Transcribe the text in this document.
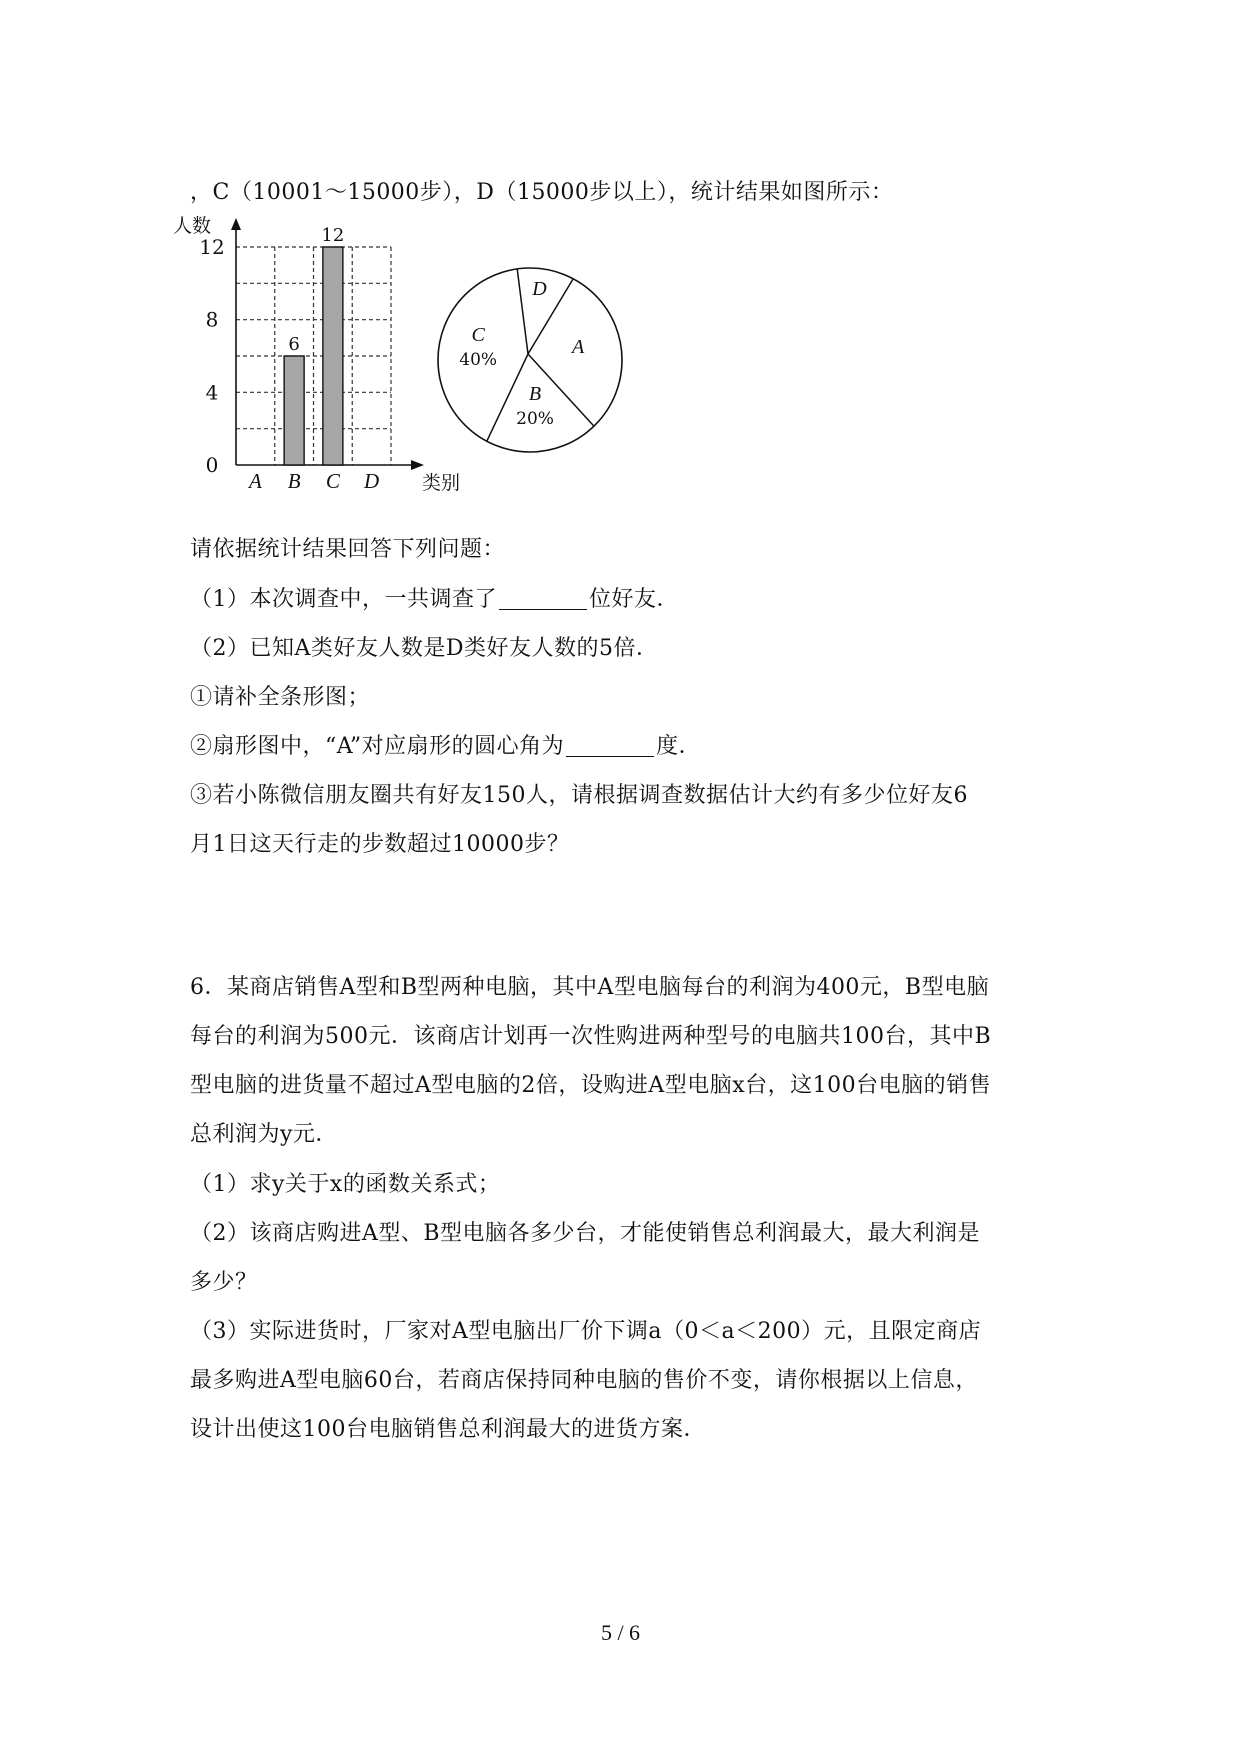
，C（10001～15000步），D（15000步以上），统计结果如图所示：
0
4
8
12
人数
类别
A B
6
C
12
D
D
C
40%
B
20%
A
请依据统计结果回答下列问题：
（1）本次调查中，一共调查了	位好友．
（2）已知A类好友人数是D类好友人数的5倍．
①请补全条形图；
②扇形图中，“A”对应扇形的圆心角为	度．
③若小陈微信朋友圈共有好友150人，请根据调查数据估计大约有多少位好友6
月1日这天行走的步数超过10000步？
6．某商店销售A型和B型两种电脑，其中A型电脑每台的利润为400元，B型电脑
每台的利润为500元．该商店计划再一次性购进两种型号的电脑共100台，其中B
型电脑的进货量不超过A型电脑的2倍，设购进A型电脑x台，这100台电脑的销售
总利润为y元．
（1）求y关于x的函数关系式；
（2）该商店购进A型、B型电脑各多少台，才能使销售总利润最大，最大利润是
多少？
（3）实际进货时，厂家对A型电脑出厂价下调a（0＜a＜200）元，且限定商店
最多购进A型电脑60台，若商店保持同种电脑的售价不变，请你根据以上信息，
设计出使这100台电脑销售总利润最大的进货方案．
5 / 6
